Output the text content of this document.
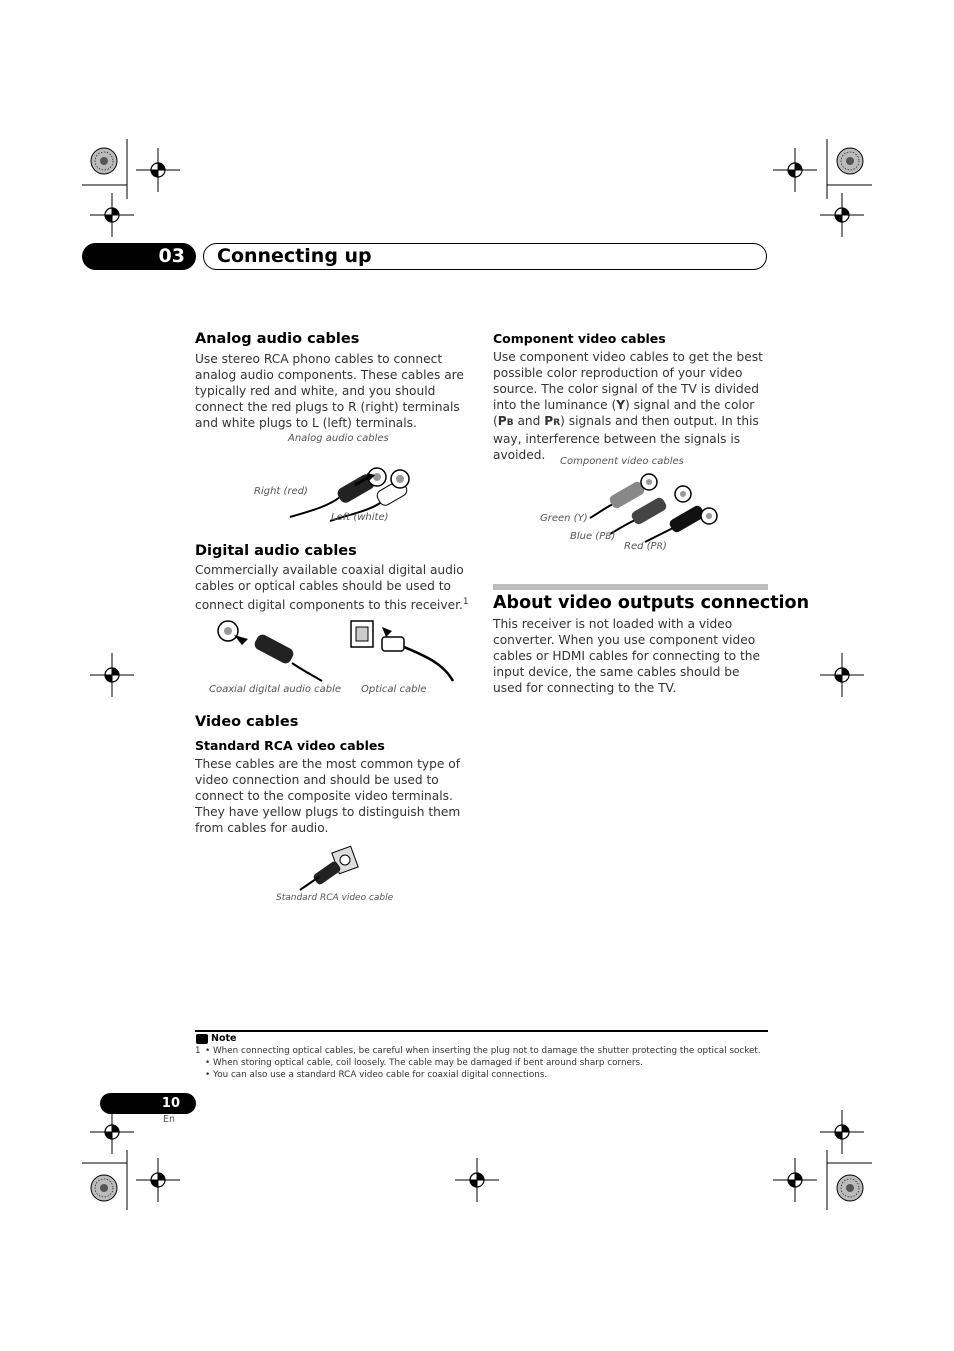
03	Connecting up
Analog audio cables

Use stereo RCA phono cables to connect analog audio components. These cables are typically red and white, and you should connect the red plugs to R (right) terminals and white plugs to L (left) terminals.

Analog audio cables
Right (red)
Left (white)
Digital audio cables

Commercially available coaxial digital audio cables or optical cables should be used to connect digital components to this receiver.$^1$

Coaxial digital audio cable Optical cable
Video cables
Standard RCA video cables

These cables are the most common type of video connection and should be used to connect to the composite video terminals. They have yellow plugs to distinguish them from cables for audio.

Standard RCA video cable
Component video cables

Use component video cables to get the best possible color reproduction of your video source. The color signal of the TV is divided into the luminance (Y) signal and the color (PB and PR) signals and then output. In this way, interference between the signals is avoided.	Component video cables
Green (Y)
Blue (PB)
Red (PR)
About video outputs connection

This receiver is not loaded with a video converter. When you use component video cables or HDMI cables for connecting to the input device, the same cables should be used for connecting to the TV.

Note
1 • When connecting optical cables, be careful when inserting the plug not to damage the shutter protecting the optical socket.
• When storing optical cable, coil loosely. The cable may be damaged if bent around sharp corners.
• You can also use a standard RCA video cable for coaxial digital connections.
10
En
